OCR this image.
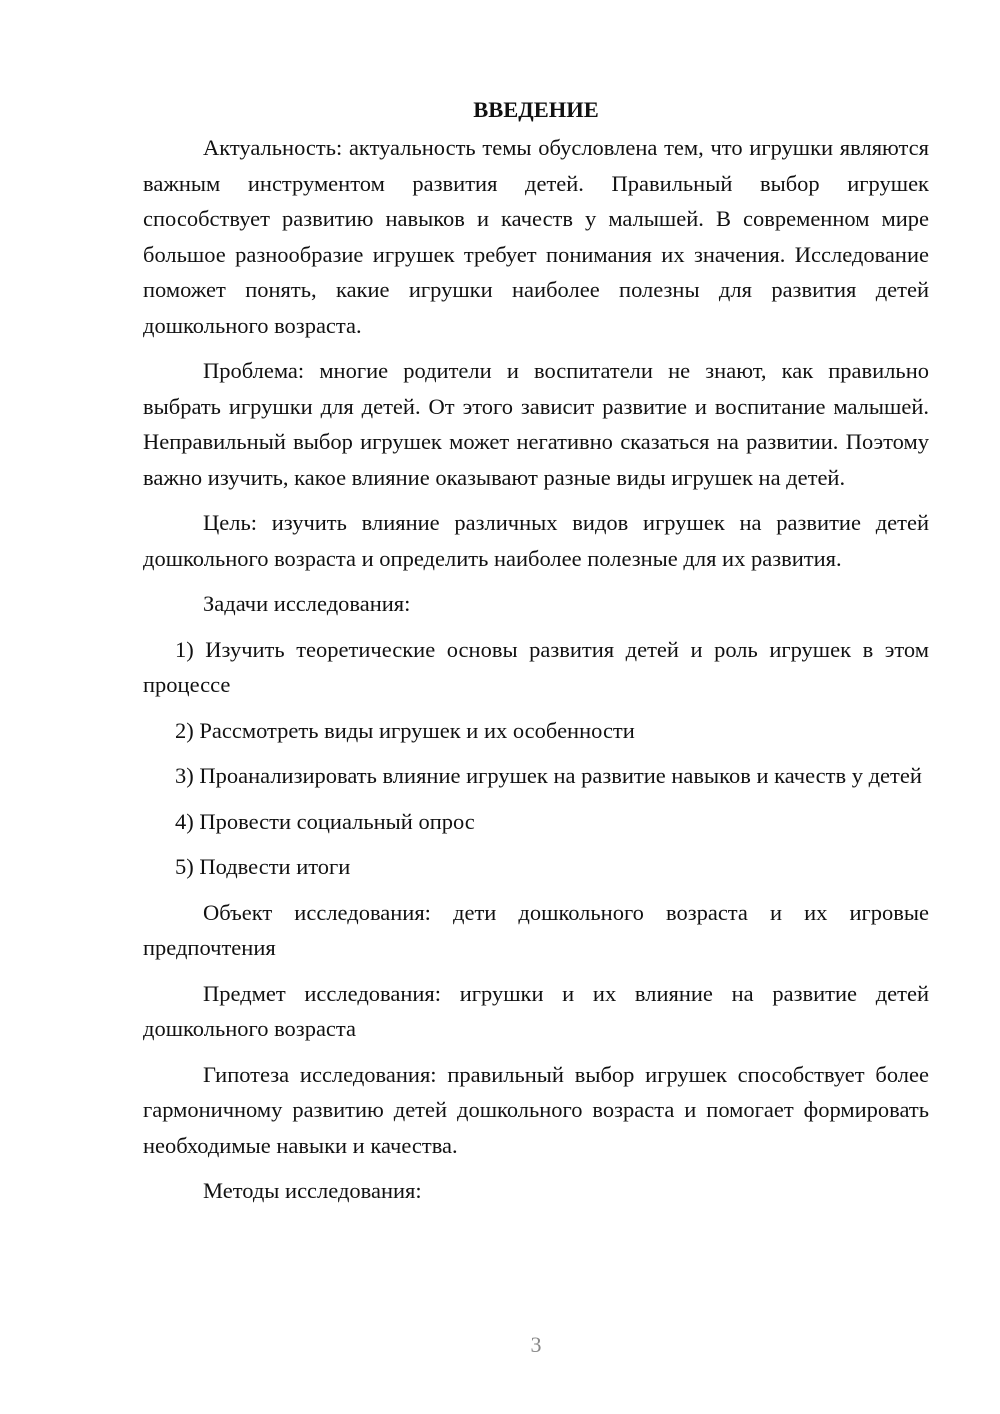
ВВЕДЕНИЕ

Актуальность: актуальность темы обусловлена тем, что игрушки являются важным инструментом развития детей. Правильный выбор игрушек способствует развитию навыков и качеств у малышей. В современном мире большое разнообразие игрушек требует понимания их значения. Исследование поможет понять, какие игрушки наиболее полезны для развития детей дошкольного возраста.

Проблема: многие родители и воспитатели не знают, как правильно выбрать игрушки для детей. От этого зависит развитие и воспитание малышей. Неправильный выбор игрушек может негативно сказаться на развитии. Поэтому важно изучить, какое влияние оказывают разные виды игрушек на детей.

Цель: изучить влияние различных видов игрушек на развитие детей дошкольного возраста и определить наиболее полезные для их развития.

Задачи исследования:

1) Изучить теоретические основы развития детей и роль игрушек в этом процессе

2) Рассмотреть виды игрушек и их особенности

3) Проанализировать влияние игрушек на развитие навыков и качеств у детей

4) Провести социальный опрос

5) Подвести итоги

Объект исследования: дети дошкольного возраста и их игровые предпочтения

Предмет исследования: игрушки и их влияние на развитие детей дошкольного возраста

Гипотеза исследования: правильный выбор игрушек способствует более гармоничному развитию детей дошкольного возраста и помогает формировать необходимые навыки и качества.

Методы исследования:

3
